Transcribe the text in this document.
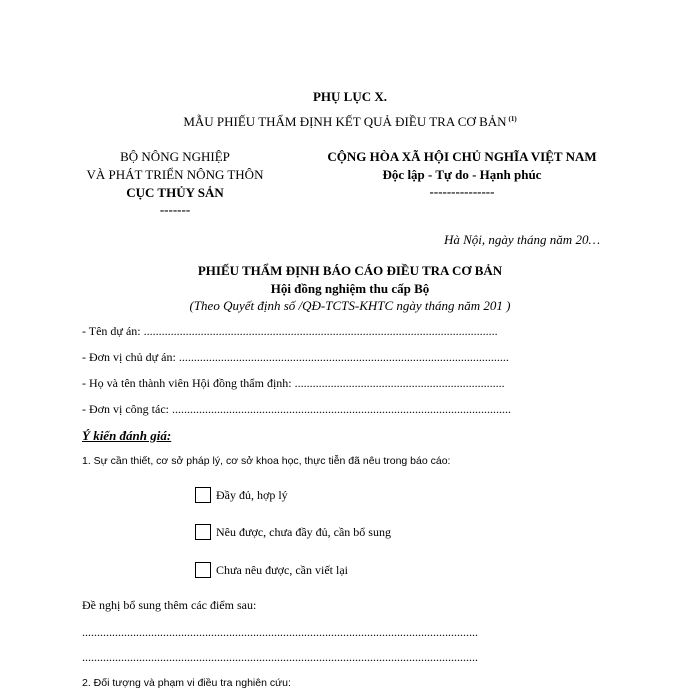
PHỤ LỤC X.
MẪU PHIẾU THẨM ĐỊNH KẾT QUẢ ĐIỀU TRA CƠ BẢN $^{(1)}$
BỘ NÔNG NGHIỆP
VÀ PHÁT TRIỂN NÔNG THÔN
CỤC THỦY SẢN
-------
CỘNG HÒA XÃ HỘI CHỦ NGHĨA VIỆT NAM
Độc lập - Tự do - Hạnh phúc
---------------
Hà Nội, ngày tháng năm 20…
PHIẾU THẨM ĐỊNH BÁO CÁO ĐIỀU TRA CƠ BẢN
Hội đồng nghiệm thu cấp Bộ
(Theo Quyết định số /QĐ-TCTS-KHTC ngày tháng năm 201 )
- Tên dự án: ......................................................................................................................
- Đơn vị chủ dự án: ..............................................................................................................
- Họ và tên thành viên Hội đồng thẩm định: ......................................................................
- Đơn vị công tác: .................................................................................................................
Ý kiến đánh giá:
1. Sự cần thiết, cơ sở pháp lý, cơ sở khoa học, thực tiễn đã nêu trong báo cáo:
Đầy đủ, hợp lý
Nêu được, chưa đầy đủ, cần bổ sung
Chưa nêu được, cần viết lại
Đề nghị bổ sung thêm các điểm sau:
....................................................................................................................................
....................................................................................................................................
2. Đối tượng và phạm vi điều tra nghiên cứu:
